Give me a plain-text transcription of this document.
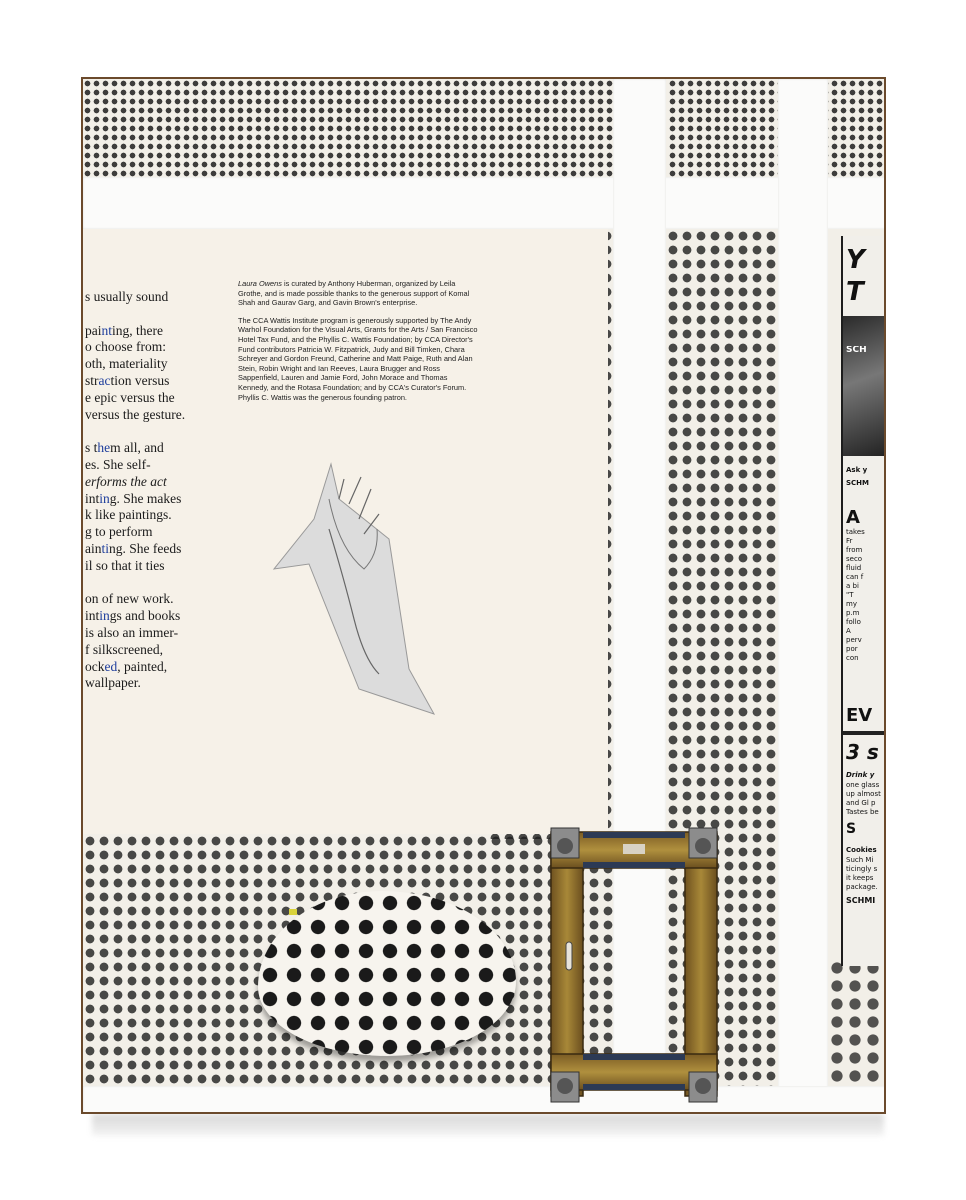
s usually sound
painting, there
o choose from:
oth, materiality
straction versus
e epic versus the
versus the gesture.
s them all, and
es. She self-
erforms the act
inting. She makes
k like paintings.
g to perform
ainting. She feeds
il so that it ties
on of new work.
intings and books
is also an immer-
f silkscreened,
ocked, painted,
wallpaper.

Laura Owens is curated by Anthony Huberman, organized by Leila Grothe, and is made possible thanks to the generous support of Komal Shah and Gaurav Garg, and Gavin Brown's enterprise.

The CCA Wattis Institute program is generously supported by The Andy Warhol Foundation for the Visual Arts, Grants for the Arts / San Francisco Hotel Tax Fund, and the Phyllis C. Wattis Foundation; by CCA Director's Fund contributors Patricia W. Fitzpatrick, Judy and Bill Timken, Chara Schreyer and Gordon Freund, Catherine and Matt Paige, Ruth and Alan Stein, Robin Wright and Ian Reeves, Laura Brugger and Ross Sappenfield, Lauren and Jamie Ford, John Morace and Thomas Kennedy, and the Rotasa Foundation; and by CCA's Curator's Forum. Phyllis C. Wattis was the generous founding patron.

Y
T
SCH
Ask y
SCHM
A
takes
Fr
from
seco
fluid
can f
a bi
"T
my
p.m
follo
A
perv
por
con
EV
3 s
Drink y
one glass
up almost
and Gl p
Tastes be
S
Cookies
Such Mi
ticingly s
it keeps
package.
SCHMI
